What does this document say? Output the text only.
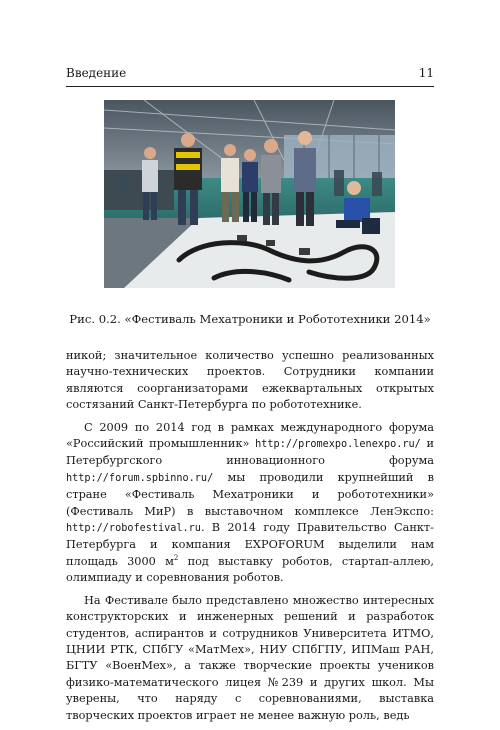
Введение	11
Рис. 0.2. «Фестиваль Мехатроники и Робототехники 2014»

никой; значительное количество успешно реализованных научно-технических проектов. Сотрудники компании являются соорганизаторами ежеквартальных открытых состязаний Санкт-Петербурга по робототехнике.

С 2009 по 2014 год в рамках международного форума «Российский промышленник» http://promexpo.lenexpo.ru/ и Петербургского инновационного форума http://forum.spbinno.ru/ мы проводили крупнейший в стране «Фестиваль Мехатроники и робототехники» (Фестиваль МиР) в выставочном комплексе ЛенЭкспо: http://robofestival.ru. В 2014 году Правительство Санкт-Петербурга и компания EXPOFORUM выделили нам площадь 3000 $м^2$ под выставку роботов, стартап-аллею, олимпиаду и соревнования роботов.

На Фестивале было представлено множество интересных конструкторских и инженерных решений и разработок студентов, аспирантов и сотрудников Университета ИТМО, ЦНИИ РТК, СПбГУ «МатМех», НИУ СПбГПУ, ИПМаш РАН, БГТУ «ВоенМех», а также творческие проекты учеников физико-математического лицея №239 и других школ. Мы уверены, что наряду с соревнованиями, выставка творческих проектов играет не менее важную роль, ведь
